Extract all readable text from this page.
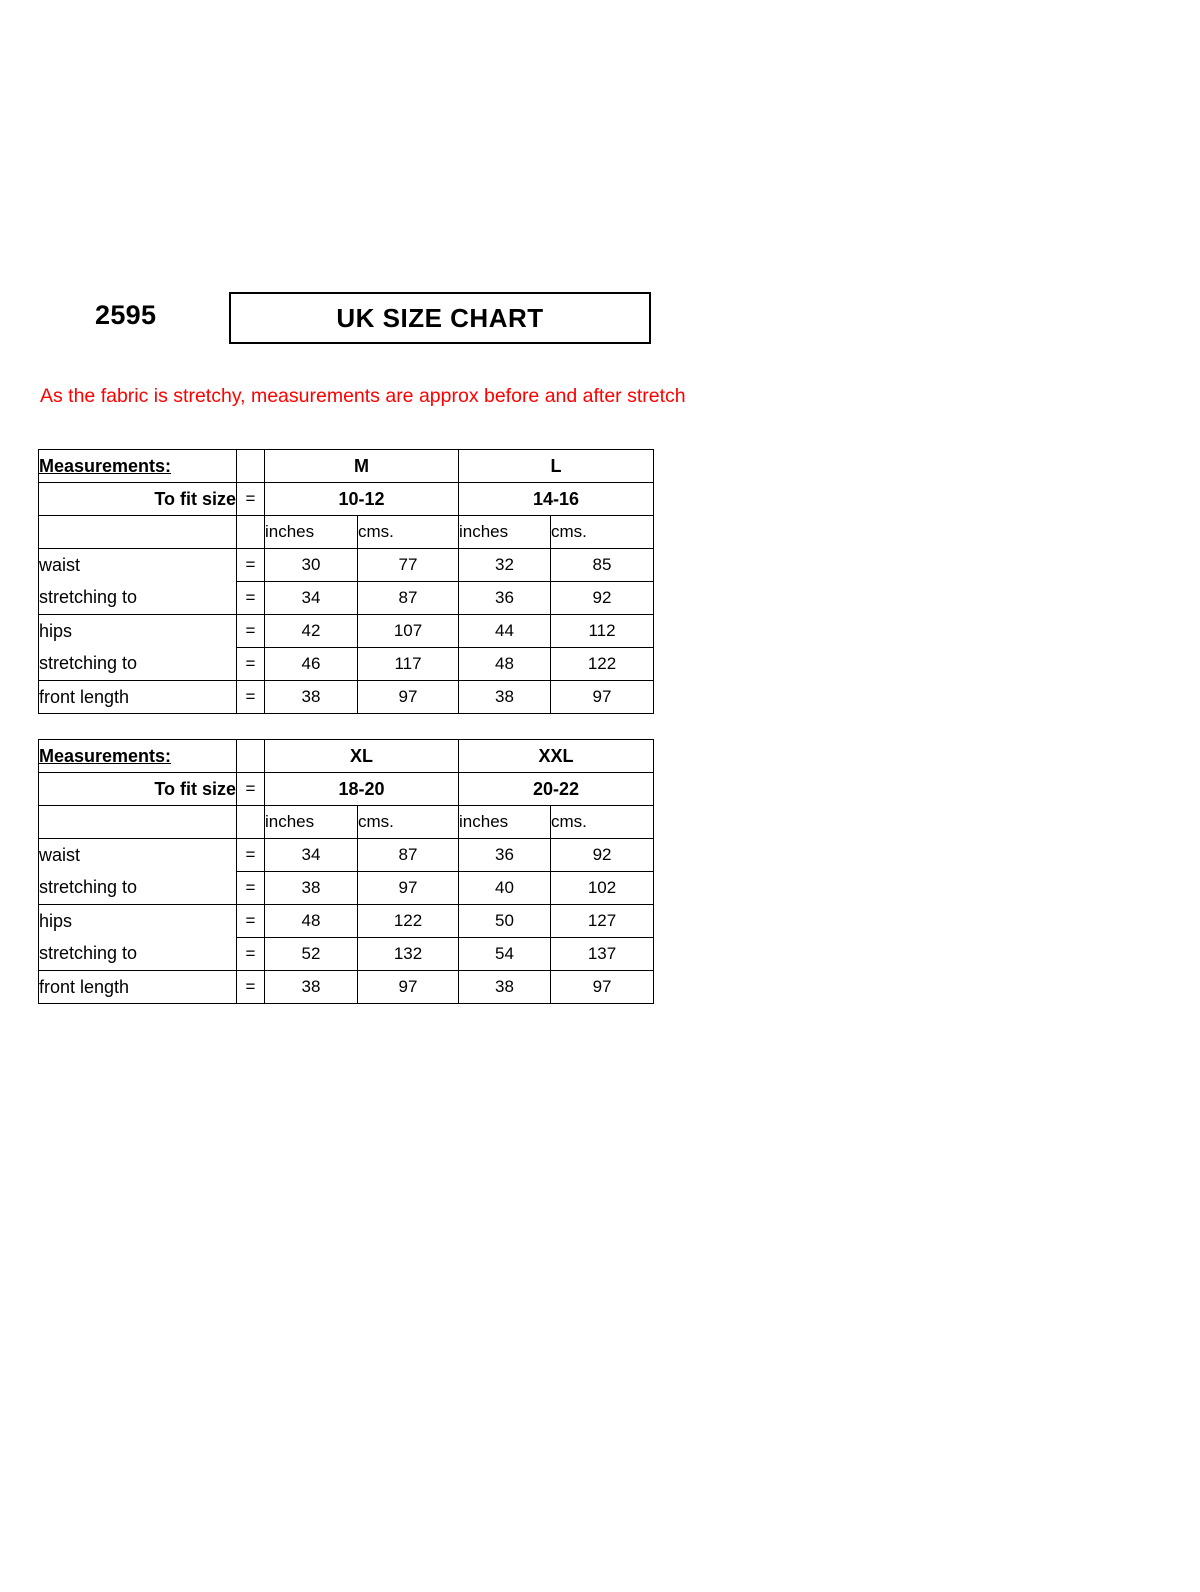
2595	UK SIZE CHART
As the fabric is stretchy, measurements are approx before and after stretch
Measurements:		M		L	
To fit size	=	10-12		14-16	
		inches	cms.	inches	cms.
waist	=	30	77	32	85
stretching to	=	34	87	36	92
hips	=	42	107	44	112
stretching to	=	46	117	48	122
front length	=	38	97	38	97
Measurements:		XL		XXL	
To fit size	=	18-20		20-22	
		inches	cms.	inches	cms.
waist	=	34	87	36	92
stretching to	=	38	97	40	102
hips	=	48	122	50	127
stretching to	=	52	132	54	137
front length	=	38	97	38	97
